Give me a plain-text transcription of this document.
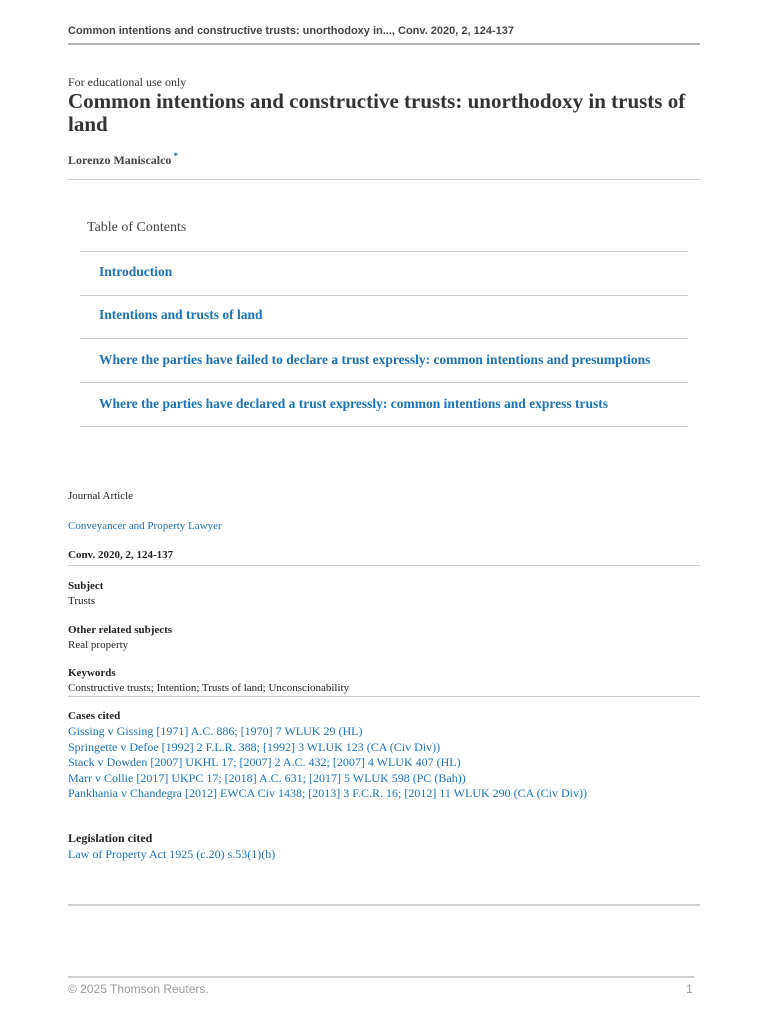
Common intentions and constructive trusts: unorthodoxy in..., Conv. 2020, 2, 124-137
For educational use only
Common intentions and constructive trusts: unorthodoxy in trusts of land
Lorenzo Maniscalco *
Table of Contents
Introduction
Intentions and trusts of land
Where the parties have failed to declare a trust expressly: common intentions and presumptions
Where the parties have declared a trust expressly: common intentions and express trusts
Journal Article
Conveyancer and Property Lawyer
Conv. 2020, 2, 124-137
Subject
Trusts
Other related subjects
Real property
Keywords
Constructive trusts; Intention; Trusts of land; Unconscionability
Cases cited
Gissing v Gissing [1971] A.C. 886; [1970] 7 WLUK 29 (HL)
Springette v Defoe [1992] 2 F.L.R. 388; [1992] 3 WLUK 123 (CA (Civ Div))
Stack v Dowden [2007] UKHL 17; [2007] 2 A.C. 432; [2007] 4 WLUK 407 (HL)
Marr v Collie [2017] UKPC 17; [2018] A.C. 631; [2017] 5 WLUK 598 (PC (Bah))
Pankhania v Chandegra [2012] EWCA Civ 1438; [2013] 3 F.C.R. 16; [2012] 11 WLUK 290 (CA (Civ Div))
Legislation cited
Law of Property Act 1925 (c.20) s.53(1)(b)
© 2025 Thomson Reuters.	1
